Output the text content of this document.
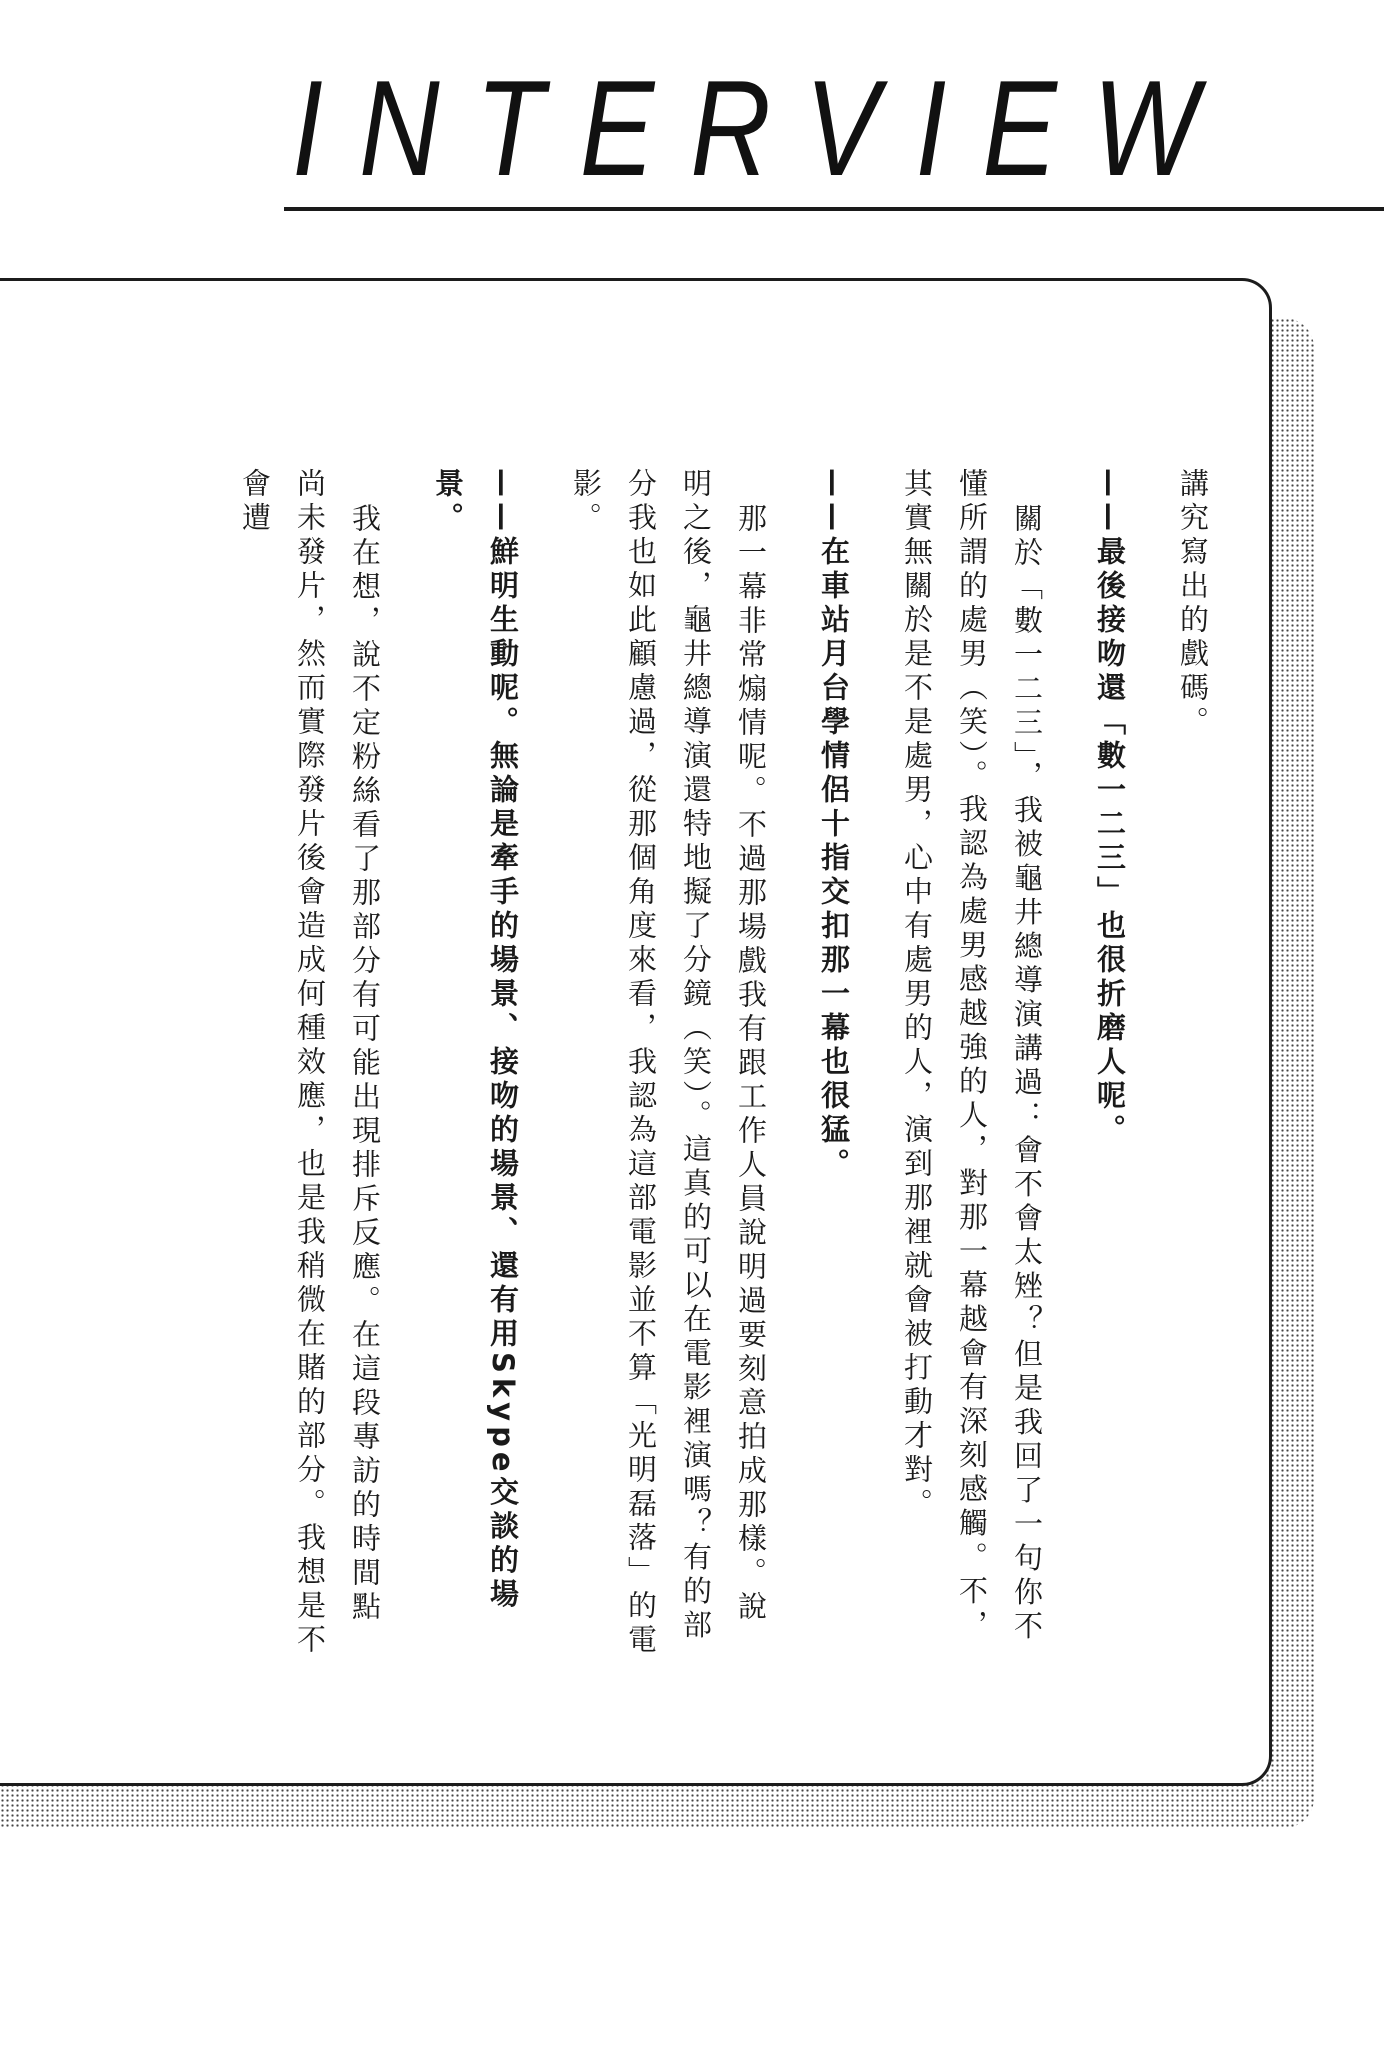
INTERVIEW

講究寫出的戲碼。

——最後接吻還「數一二三」也很折磨人呢。

關於「數一二三」，我被龜井總導演講過：會不會太矬？但是我回了一句你不懂所謂的處男（笑）。我認為處男感越強的人，對那一幕越會有深刻感觸。不，其實無關於是不是處男，心中有處男的人，演到那裡就會被打動才對。

——在車站月台學情侶十指交扣那一幕也很猛。

那一幕非常煽情呢。不過那場戲我有跟工作人員說明過要刻意拍成那樣。說明之後，龜井總導演還特地擬了分鏡（笑）。這真的可以在電影裡演嗎？有的部分我也如此顧慮過，從那個角度來看，我認為這部電影並不算「光明磊落」的電影。

——鮮明生動呢。無論是牽手的場景、接吻的場景、還有用Skype交談的場景。

我在想，說不定粉絲看了那部分有可能出現排斥反應。在這段專訪的時間點尚未發片，然而實際發片後會造成何種效應，也是我稍微在賭的部分。我想是不會遭
